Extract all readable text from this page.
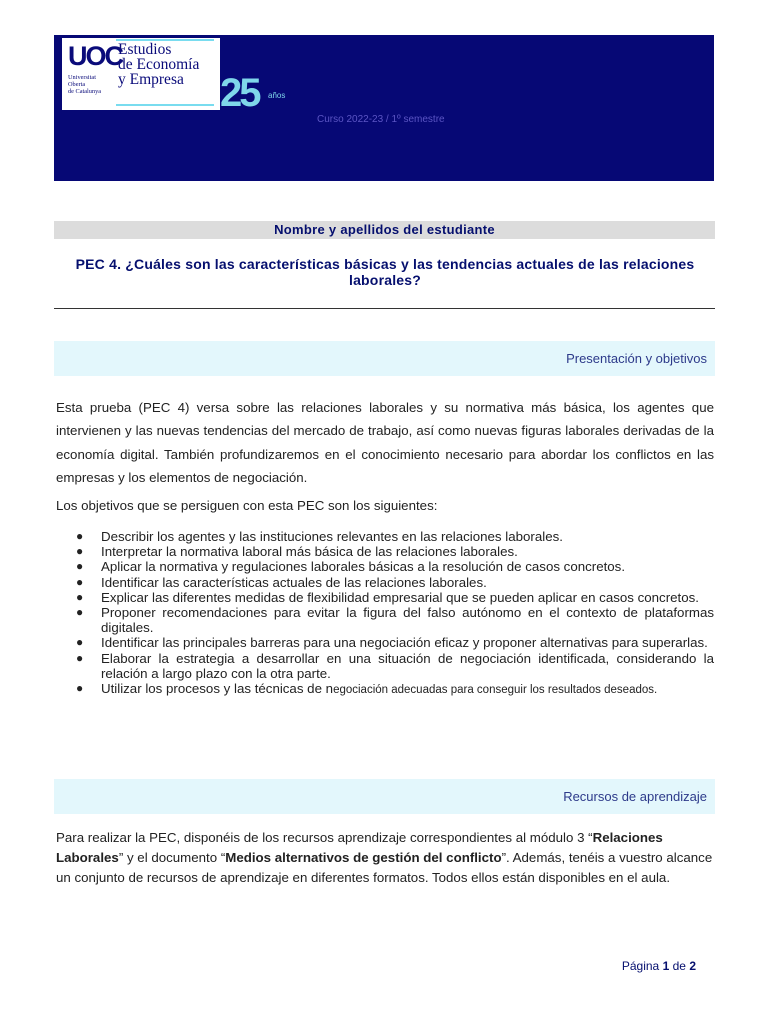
UOC
Universitat
Oberta
de Catalunya
Estudios
de Economía
y Empresa 25 años
Curso 2022-23 / 1º semestre
Nombre y apellidos del estudiante
PEC 4. ¿Cuáles son las características básicas y las tendencias actuales de las relaciones laborales?
Presentación y objetivos
Esta prueba (PEC 4) versa sobre las relaciones laborales y su normativa más básica, los agentes que intervienen y las nuevas tendencias del mercado de trabajo, así como nuevas figuras laborales derivadas de la economía digital. También profundizaremos en el conocimiento necesario para abordar los conflictos en las empresas y los elementos de negociación.
Los objetivos que se persiguen con esta PEC son los siguientes:
● Describir los agentes y las instituciones relevantes en las relaciones laborales.
● Interpretar la normativa laboral más básica de las relaciones laborales.
● Aplicar la normativa y regulaciones laborales básicas a la resolución de casos concretos.
● Identificar las características actuales de las relaciones laborales.
● Explicar las diferentes medidas de flexibilidad empresarial que se pueden aplicar en casos concretos.
● Proponer recomendaciones para evitar la figura del falso autónomo en el contexto de plataformas digitales.
● Identificar las principales barreras para una negociación eficaz y proponer alternativas para superarlas.
● Elaborar la estrategia a desarrollar en una situación de negociación identificada, considerando la relación a largo plazo con la otra parte.
● Utilizar los procesos y las técnicas de negociación adecuadas para conseguir los resultados deseados.
Recursos de aprendizaje
Para realizar la PEC, disponéis de los recursos aprendizaje correspondientes al módulo 3 “Relaciones Laborales” y el documento “Medios alternativos de gestión del conflicto”. Además, tenéis a vuestro alcance un conjunto de recursos de aprendizaje en diferentes formatos. Todos ellos están disponibles en el aula.
Página 1 de 2
